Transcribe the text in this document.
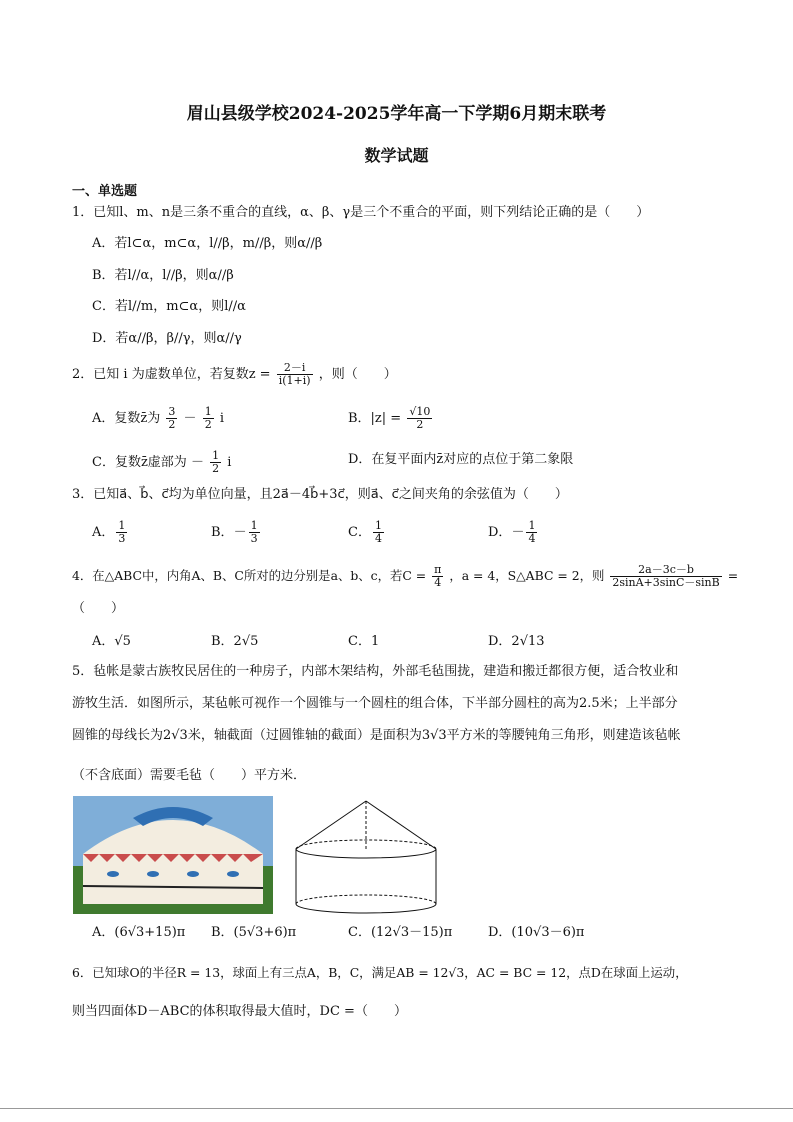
眉山县级学校2024-2025学年高一下学期6月期末联考
数学试题
一、单选题
1．已知l、m、n是三条不重合的直线，α、β、γ是三个不重合的平面，则下列结论正确的是（　　）
A．若l⊂α，m⊂α，l//β，m//β，则α//β
B．若l//α，l//β，则α//β
C．若l//m，m⊂α，则l//α
D．若α//β，β//γ，则α//γ
2．已知 i 为虚数单位，若复数$z = \frac{2-i}{i(1+i)}$ ，则（　　）
A．复数z̄为 $\frac{3}{2} - \frac{1}{2}$ i	B．$|z| = \frac{√10}{2}$
C．复数z̄虚部为 － $\frac{1}{2}$ i	D．在复平面内z̄对应的点位于第二象限
3．已知a⃗、b⃗、c⃗均为单位向量，且2a⃗－4b⃗+3c⃗，则a⃗、c⃗之间夹角的余弦值为（　　）
A． $\frac{1}{3}$	B．－ $\frac{1}{3}$	C． $\frac{1}{4}$	D．－ $\frac{1}{4}$
4．在△ABC中，内角A、B、C所对的边分别是a、b、c，若$C = \frac{\pi}{4}$ ，a = 4，S△ABC = 2，则 $\frac{2a-3c-b}{2\sin A+3\sin C-\sin B}$ =
（　　）
A．√5	B．2√5	C．1	D．2√13
5．毡帐是蒙古族牧民居住的一种房子，内部木架结构，外部毛毡围拢，建造和搬迁都很方便，适合牧业和
游牧生活．如图所示，某毡帐可视作一个圆锥与一个圆柱的组合体，下半部分圆柱的高为2.5米；上半部分
圆锥的母线长为2√3米，轴截面（过圆锥轴的截面）是面积为3√3平方米的等腰钝角三角形，则建造该毡帐
（不含底面）需要毛毡（　　）平方米．
A．(6√3+15)π B．(5√3+6)π	C．(12√3－15)π	D．(10√3－6)π
6．已知球O的半径R = 13，球面上有三点A，B，C，满足AB = 12√3，AC = BC = 12，点D在球面上运动，
则当四面体D－ABC的体积取得最大值时，DC =（　　）
